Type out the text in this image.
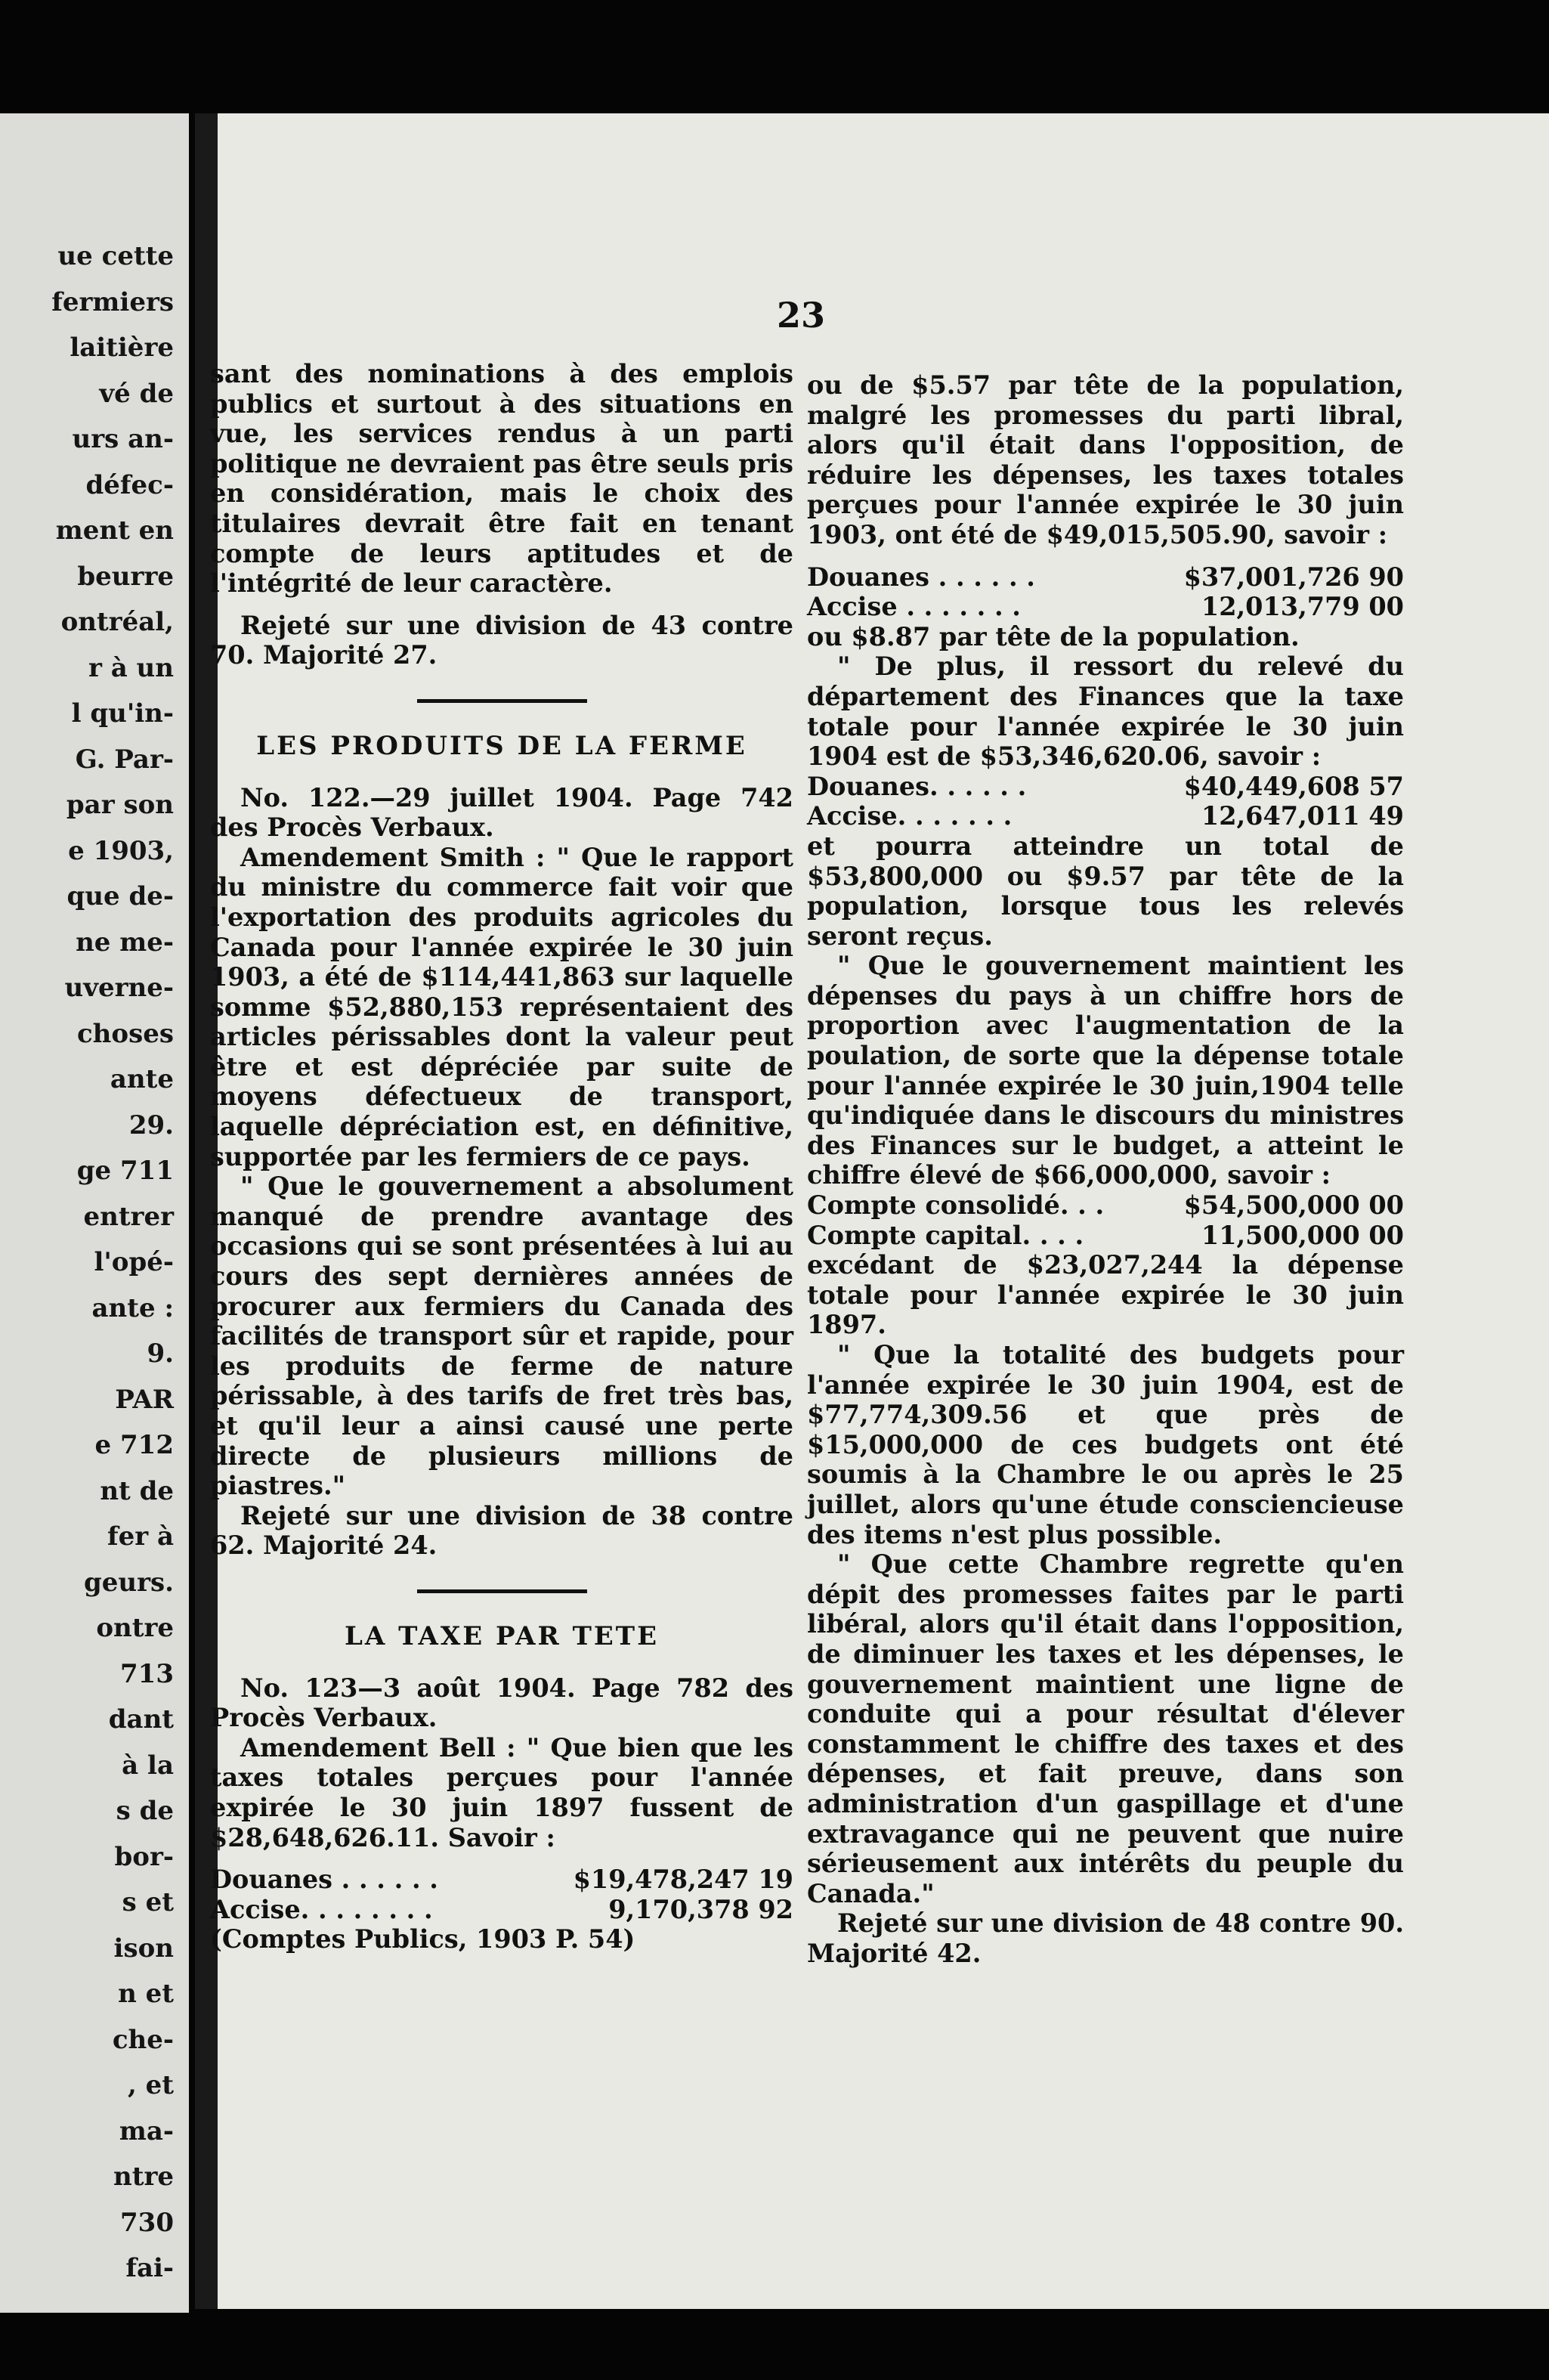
ue cette
fermiers
laitière
vé de
urs an-
défec-
ment en
beurre
ontréal,
r à un
l qu'in-
G. Par-
par son
e 1903,
que de-
ne me-
uverne-
choses
ante
29.
ge 711
entrer
l'opé-
ante :
9.
PAR
e 712
nt de
fer à
geurs.
ontre
713
dant
à la
s de
bor-
s et
ison
n et
che-
, et
ma-
ntre
730
fai-
23

sant des nominations à des emplois publics et surtout à des situations en vue, les services rendus à un parti politique ne devraient pas être seuls pris en considération, mais le choix des titulaires devrait être fait en tenant compte de leurs aptitudes et de l'intégrité de leur caractère.

Rejeté sur une division de 43 contre 70. Majorité 27.

LES PRODUITS DE LA FERME

No. 122.—29 juillet 1904. Page 742 des Procès Verbaux.

Amendement Smith : " Que le rapport du ministre du commerce fait voir que l'exportation des produits agricoles du Canada pour l'année expirée le 30 juin 1903, a été de $114,441,863 sur laquelle somme $52,880,153 représentaient des articles périssables dont la valeur peut être et est dépréciée par suite de moyens défectueux de transport, laquelle dépréciation est, en définitive, supportée par les fermiers de ce pays.

" Que le gouvernement a absolument manqué de prendre avantage des occasions qui se sont présentées à lui au cours des sept dernières années de procurer aux fermiers du Canada des facilités de transport sûr et rapide, pour les produits de ferme de nature périssable, à des tarifs de fret très bas, et qu'il leur a ainsi causé une perte directe de plusieurs millions de piastres."

Rejeté sur une division de 38 contre 62. Majorité 24.

LA TAXE PAR TETE

No. 123—3 août 1904. Page 782 des Procès Verbaux.

Amendement Bell : " Que bien que les taxes totales perçues pour l'année expirée le 30 juin 1897 fussent de $28,648,626.11. Savoir :

Douanes . . . . . .	$19,478,247 19
Accise. . . . . . . .	9,170,378 92

(Comptes Publics, 1903 P. 54)

ou de $5.57 par tête de la population, malgré les promesses du parti libral, alors qu'il était dans l'opposition, de réduire les dépenses, les taxes totales perçues pour l'année expirée le 30 juin 1903, ont été de $49,015,505.90, savoir :

Douanes . . . . . .	$37,001,726 90
Accise . . . . . . .	12,013,779 00

ou $8.87 par tête de la population.

" De plus, il ressort du relevé du département des Finances que la taxe totale pour l'année expirée le 30 juin 1904 est de $53,346,620.06, savoir :

Douanes. . . . . .	$40,449,608 57
Accise. . . . . . .	12,647,011 49

et pourra atteindre un total de $53,800,000 ou $9.57 par tête de la population, lorsque tous les relevés seront reçus.

" Que le gouvernement maintient les dépenses du pays à un chiffre hors de proportion avec l'augmentation de la poulation, de sorte que la dépense totale pour l'année expirée le 30 juin,1904 telle qu'indiquée dans le discours du ministres des Finances sur le budget, a atteint le chiffre élevé de $66,000,000, savoir :

Compte consolidé. . .	$54,500,000 00
Compte capital. . . .	11,500,000 00

excédant de $23,027,244 la dépense totale pour l'année expirée le 30 juin 1897.

" Que la totalité des budgets pour l'année expirée le 30 juin 1904, est de $77,774,309.56 et que près de $15,000,000 de ces budgets ont été soumis à la Chambre le ou après le 25 juillet, alors qu'une étude consciencieuse des items n'est plus possible.

" Que cette Chambre regrette qu'en dépit des promesses faites par le parti libéral, alors qu'il était dans l'opposition, de diminuer les taxes et les dépenses, le gouvernement maintient une ligne de conduite qui a pour résultat d'élever constamment le chiffre des taxes et des dépenses, et fait preuve, dans son administration d'un gaspillage et d'une extravagance qui ne peuvent que nuire sérieusement aux intérêts du peuple du Canada."

Rejeté sur une division de 48 contre 90. Majorité 42.
